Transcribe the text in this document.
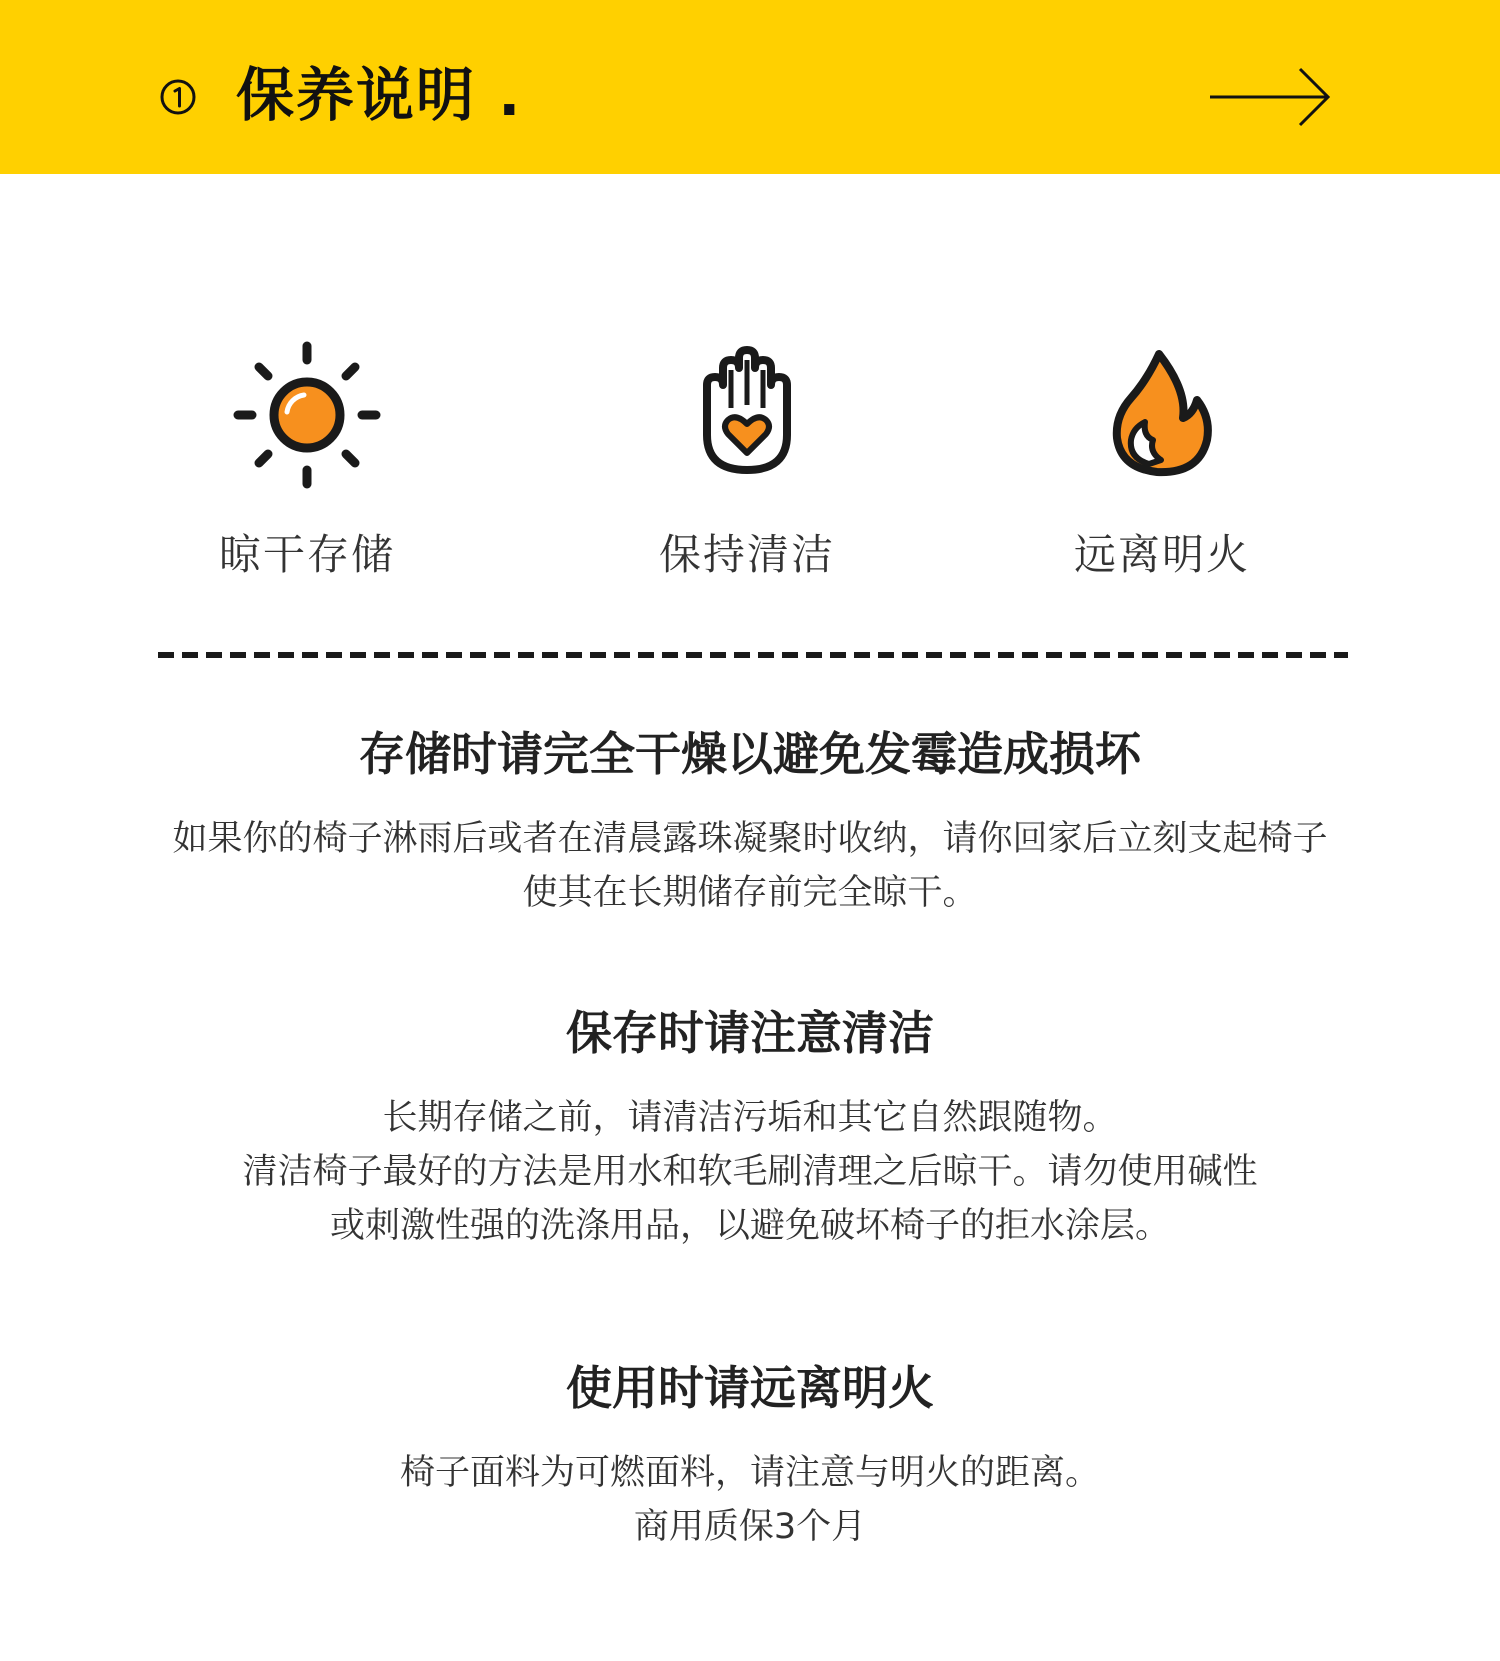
保养说明 .
晾干存储	保持清洁	远离明火
存储时请完全干燥以避免发霉造成损坏
如果你的椅子淋雨后或者在清晨露珠凝聚时收纳，请你回家后立刻支起椅子
使其在长期储存前完全晾干。
保存时请注意清洁
长期存储之前，请清洁污垢和其它自然跟随物。
清洁椅子最好的方法是用水和软毛刷清理之后晾干。请勿使用碱性
或刺激性强的洗涤用品，以避免破坏椅子的拒水涂层。
使用时请远离明火
椅子面料为可燃面料，请注意与明火的距离。
商用质保3个月
